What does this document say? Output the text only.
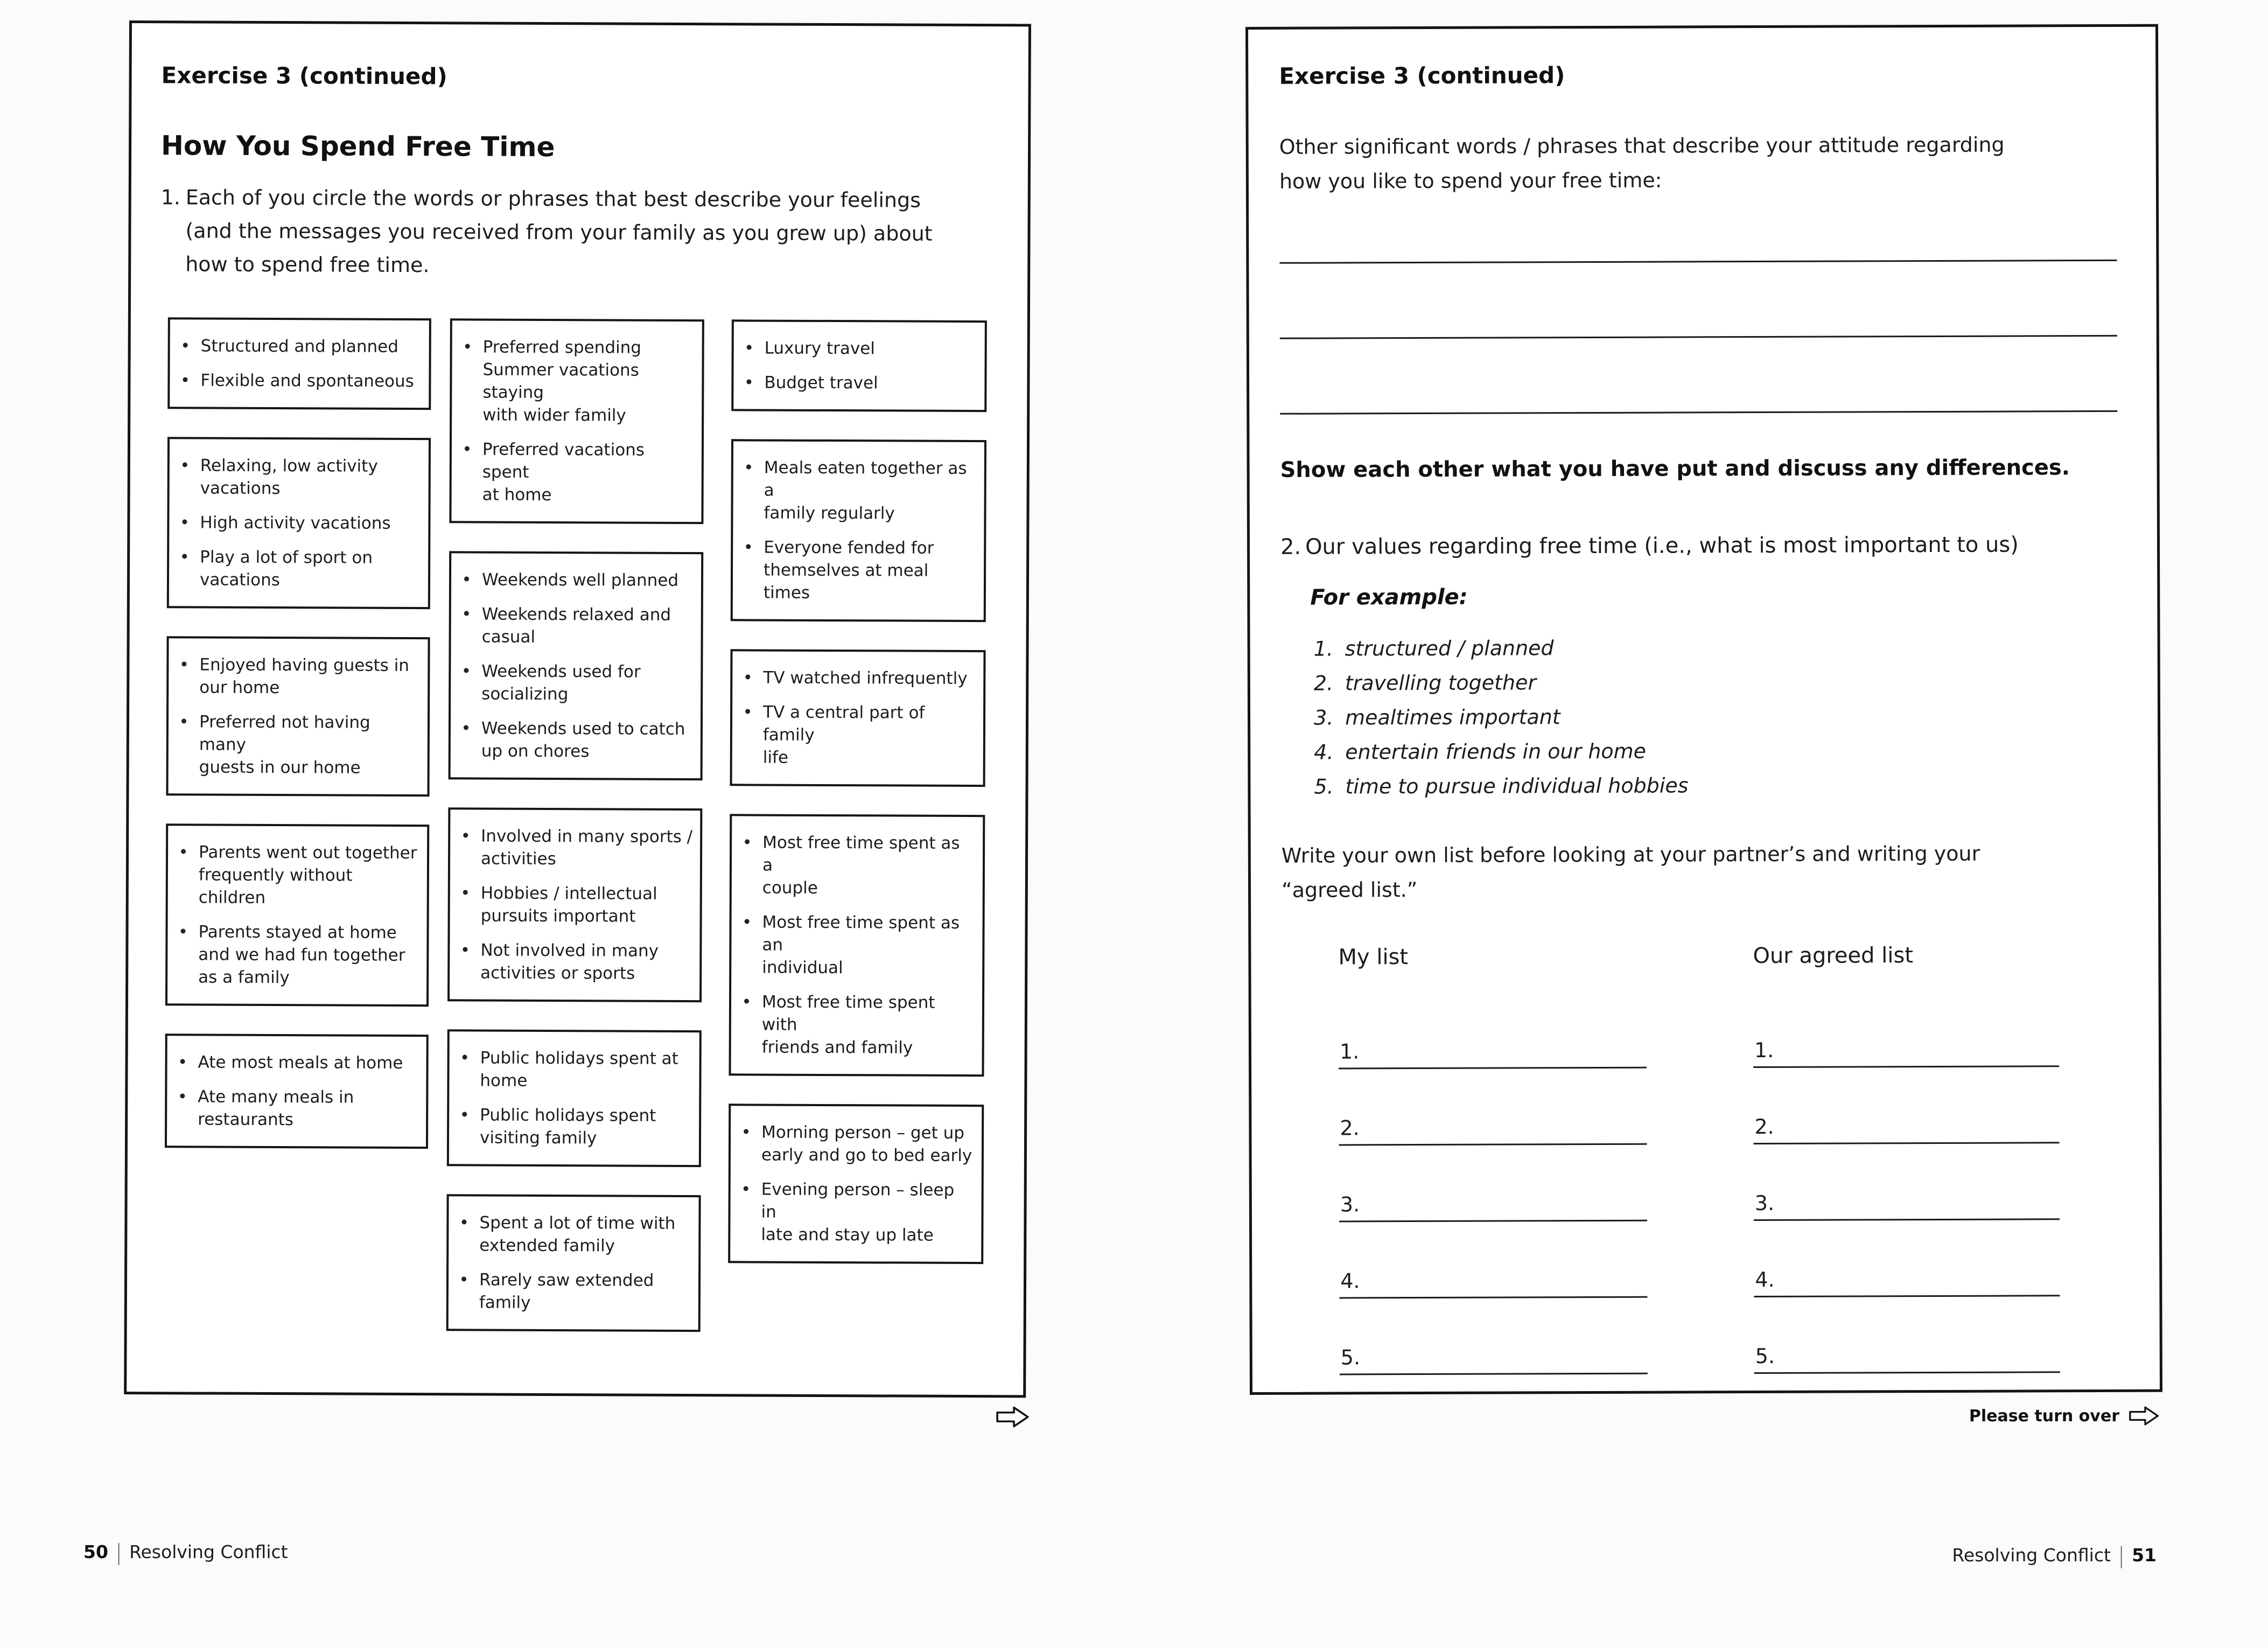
Exercise 3 (continued)
How You Spend Free Time
1. Each of you circle the words or phrases that best describe your feelings
(and the messages you received from your family as you grew up) about
how to spend free time.
Structured and planned
Flexible and spontaneous
Relaxing, low activity
vacations
High activity vacations
Play a lot of sport on
vacations
Enjoyed having guests in
our home
Preferred not having many
guests in our home
Parents went out together
frequently without
children
Parents stayed at home
and we had fun together
as a family
Ate most meals at home
Ate many meals in
restaurants
Preferred spending
Summer vacations staying
with wider family
Preferred vacations spent
at home
Weekends well planned
Weekends relaxed and
casual
Weekends used for
socializing
Weekends used to catch
up on chores
Involved in many sports /
activities
Hobbies / intellectual
pursuits important
Not involved in many
activities or sports
Public holidays spent at
home
Public holidays spent
visiting family
Spent a lot of time with
extended family
Rarely saw extended
family
Luxury travel
Budget travel
Meals eaten together as a
family regularly
Everyone fended for
themselves at meal times
TV watched infrequently
TV a central part of family
life
Most free time spent as a
couple
Most free time spent as an
individual
Most free time spent with
friends and family
Morning person – get up
early and go to bed early
Evening person – sleep in
late and stay up late
Exercise 3 (continued)
Other significant words / phrases that describe your attitude regarding
how you like to spend your free time:
Show each other what you have put and discuss any differences.
2. Our values regarding free time (i.e., what is most important to us)
For example:
1. structured / planned
2. travelling together
3. mealtimes important
4. entertain friends in our home
5. time to pursue individual hobbies
Write your own list before looking at your partner’s and writing your
“agreed list.”
My list	Our agreed list
1.
2.
3.
4.
5.
1.
2.
3.
4.
5.
Please turn over
50 | Resolving Conflict	Resolving Conflict | 51
